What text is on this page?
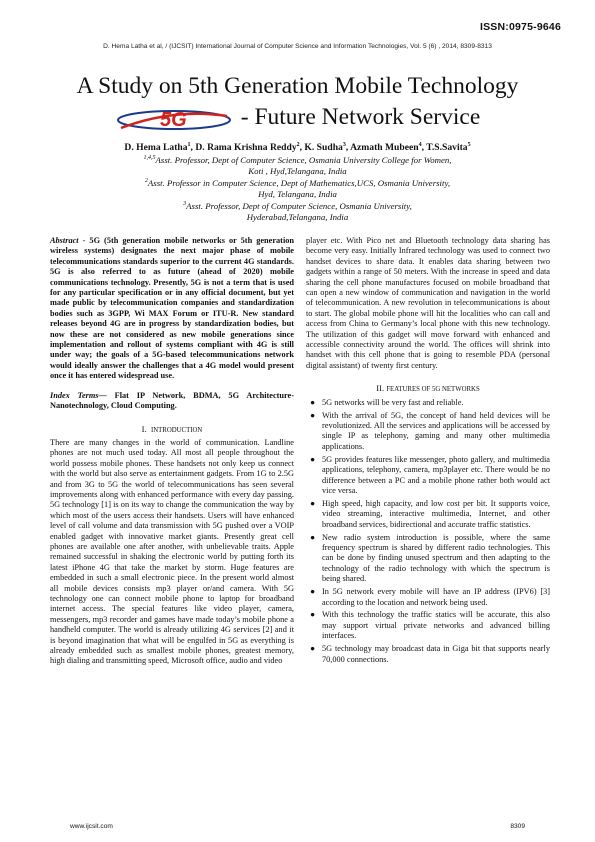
ISSN:0975-9646
D. Hema Latha et al, / (IJCSIT) International Journal of Computer Science and Information Technologies, Vol. 5 (6) , 2014, 8309-8313
A Study on 5th Generation Mobile Technology
5G - Future Network Service
D. Hema Latha$^1$, D. Rama Krishna Reddy$^2$, K. Sudha$^3$, Azmath Mubeen$^4$, T.S.Savita$^5$
$^{1,4,5}$Asst. Professor, Dept of Computer Science, Osmania University College for Women,
Koti , Hyd,Telangana, India
$^2$Asst. Professor in Computer Science, Dept of Mathematics,UCS, Osmania University,
Hyd, Telangana, India
$^3$Asst. Professor, Dept of Computer Science, Osmania University,
Hyderabad,Telangana, India

Abstract - 5G (5th generation mobile networks or 5th generation wireless systems) designates the next major phase of mobile telecommunications standards superior to the current 4G standards. 5G is also referred to as future (ahead of 2020) mobile communications technology. Presently, 5G is not a term that is used for any particular specification or in any official document, but yet made public by telecommunication companies and standardization bodies such as 3GPP, Wi MAX Forum or ITU-R. New standard releases beyond 4G are in progress by standardization bodies, but now these are not considered as new mobile generations since implementation and rollout of systems compliant with 4G is still under way; the goals of a 5G-based telecommunications network would ideally answer the challenges that a 4G model would present once it has entered widespread use.

Index Terms— Flat IP Network, BDMA, 5G Architecture-Nanotechnology, Cloud Computing.

I. INTRODUCTION

There are many changes in the world of communication. Landline phones are not much used today. All most all people throughout the world possess mobile phones. These handsets not only keep us connect with the world but also serve as entertainment gadgets. From 1G to 2.5G and from 3G to 5G the world of telecommunications has seen several improvements along with enhanced performance with every day passing. 5G technology [1] is on its way to change the communication the way by which most of the users access their handsets. Users will have enhanced level of call volume and data transmission with 5G pushed over a VOIP enabled gadget with innovative market giants. Presently great cell phones are available one after another, with unbelievable traits. Apple remained successful in shaking the electronic world by putting forth its latest iPhone 4G that take the market by storm. Huge features are embedded in such a small electronic piece. In the present world almost all mobile devices consists mp3 player or/and camera. With 5G technology one can connect mobile phone to laptop for broadband internet access. The special features like video player, camera, messengers, mp3 recorder and games have made today’s mobile phone a handheld computer. The world is already utilizing 4G services [2] and it is beyond imagination that what will be engulfed in 5G as everything is already embedded such as smallest mobile phones, greatest memory, high dialing and transmitting speed, Microsoft office, audio and video

player etc. With Pico net and Bluetooth technology data sharing has become very easy. Initially Infrared technology was used to connect two handset devices to share data. It enables data sharing between two gadgets within a range of 50 meters. With the increase in speed and data sharing the cell phone manufactures focused on mobile broadband that can open a new window of communication and navigation in the world of telecommunication. A new revolution in telecommunications is about to start. The global mobile phone will hit the localities who can call and access from China to Germany’s local phone with this new technology. The utilization of this gadget will move forward with enhanced and accessible connectivity around the world. The offices will shrink into handset with this cell phone that is going to resemble PDA (personal digital assistant) of twenty first century.

II. FEATURES OF 5G NETWORKS
● 5G networks will be very fast and reliable.
● With the arrival of 5G, the concept of hand held devices will be revolutionized. All the services and applications will be accessed by single IP as telephony, gaming and many other multimedia applications.
● 5G provides features like messenger, photo gallery, and multimedia applications, telephony, camera, mp3player etc. There would be no difference between a PC and a mobile phone rather both would act vice versa.
● High speed, high capacity, and low cost per bit. It supports voice, video streaming, interactive multimedia, Internet, and other broadband services, bidirectional and accurate traffic statistics.
● New radio system introduction is possible, where the same frequency spectrum is shared by different radio technologies. This can be done by finding unused spectrum and then adapting to the technology of the radio technology with which the spectrum is being shared.
● In 5G network every mobile will have an IP address (IPV6) [3] according to the location and network being used.
● With this technology the traffic statics will be accurate, this also may support virtual private networks and advanced billing interfaces.
● 5G technology may broadcast data in Giga bit that supports nearly 70,000 connections.
www.ijcsit.com	8309
